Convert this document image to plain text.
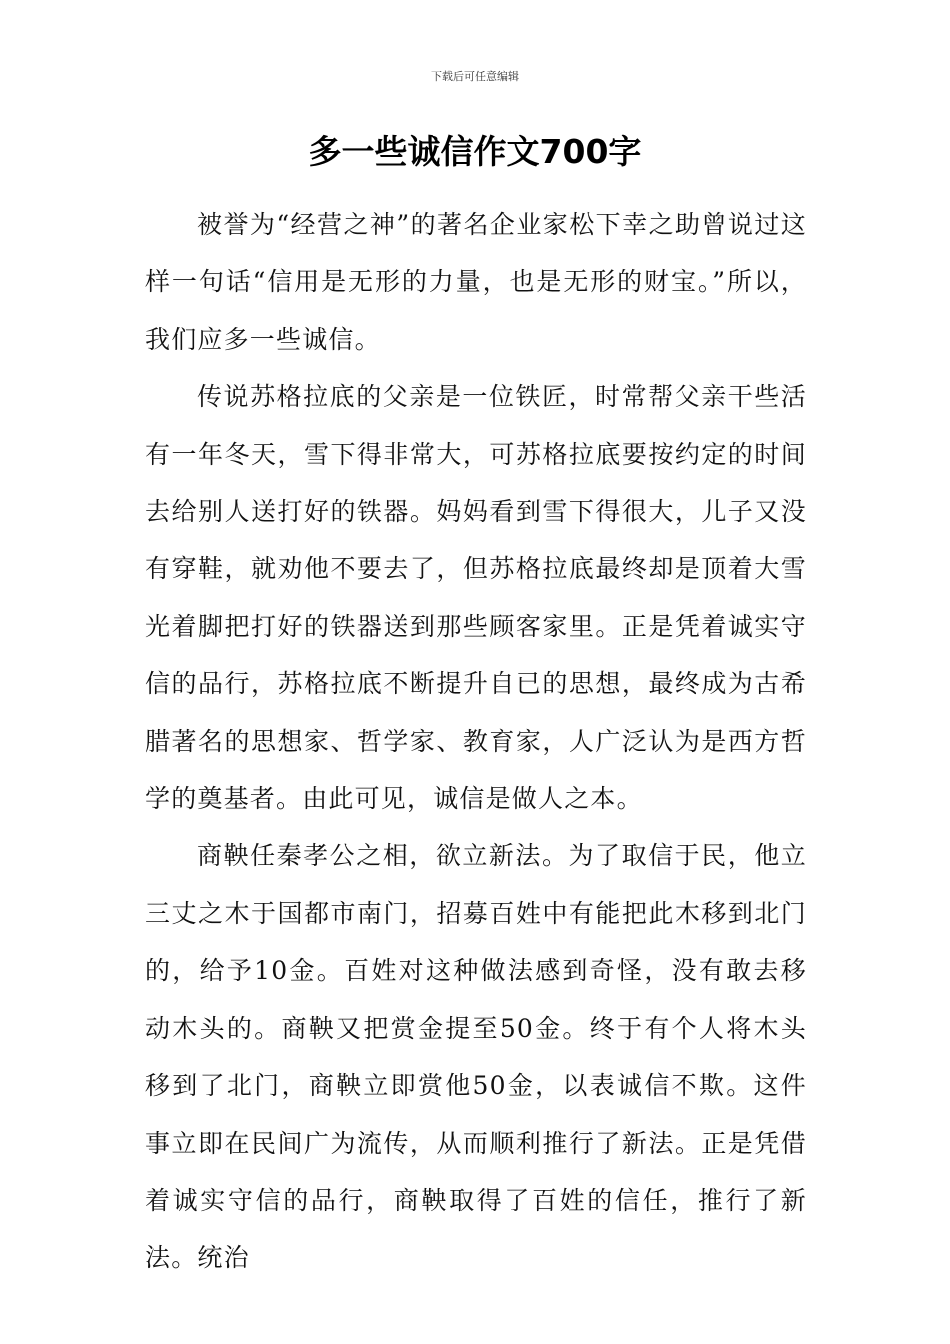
下载后可任意编辑
多一些诚信作文700字

被誉为“经营之神”的著名企业家松下幸之助曾说过这样一句话“信用是无形的力量，也是无形的财宝。”所以，我们应多一些诚信。

传说苏格拉底的父亲是一位铁匠，时常帮父亲干些活有一年冬天，雪下得非常大，可苏格拉底要按约定的时间去给别人送打好的铁器。妈妈看到雪下得很大，儿子又没有穿鞋，就劝他不要去了，但苏格拉底最终却是顶着大雪光着脚把打好的铁器送到那些顾客家里。正是凭着诚实守信的品行，苏格拉底不断提升自已的思想，最终成为古希腊著名的思想家、哲学家、教育家，人广泛认为是西方哲学的奠基者。由此可见，诚信是做人之本。

商鞅任秦孝公之相，欲立新法。为了取信于民，他立三丈之木于国都市南门，招募百姓中有能把此木移到北门的，给予10金。百姓对这种做法感到奇怪，没有敢去移动木头的。商鞅又把赏金提至50金。终于有个人将木头移到了北门，商鞅立即赏他50金，以表诚信不欺。这件事立即在民间广为流传，从而顺利推行了新法。正是凭借着诚实守信的品行，商鞅取得了百姓的信任，推行了新法。统治
